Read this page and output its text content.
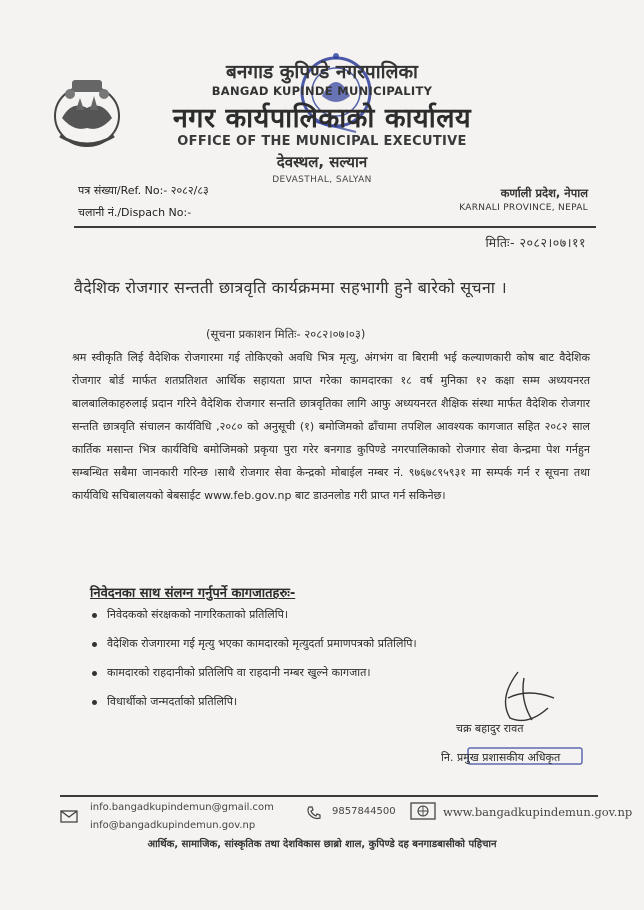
बनगाड कुपिण्डे नगरपालिका
BANGAD KUPINDE MUNICIPALITY
नगर कार्यपालिकाको कार्यालय
OFFICE OF THE MUNICIPAL EXECUTIVE
देवस्थल, सल्यान
DEVASTHAL, SALYAN
पत्र संख्या/Ref. No:- २०८२/८३
चलानी नं./Dispach No:-
कर्णाली प्रदेश, नेपाल
KARNALI PROVINCE, NEPAL
मितिः- २०८२।०७।११
वैदेशिक रोजगार सन्तती छात्रवृति कार्यक्रममा सहभागी हुने बारेको सूचना ।
(सूचना प्रकाशन मितिः- २०८२।०७।०३)
श्रम स्वीकृति लिई वैदेशिक रोजगारमा गई तोकिएको अवधि भित्र मृत्यु, अंगभंग वा बिरामी भई कल्याणकारी कोष बाट वैदेशिक रोजगार बोर्ड मार्फत शतप्रतिशत आर्थिक सहायता प्राप्त गरेका कामदारका १८ वर्ष मुनिका १२ कक्षा सम्म अध्ययनरत बालबालिकाहरुलाई प्रदान गरिने वैदेशिक रोजगार सन्तति छात्रवृतिका लागि आफु अध्ययनरत शैक्षिक संस्था मार्फत वैदेशिक रोजगार सन्तति छात्रवृति संचालन कार्यविधि ,२०८० को अनुसूची (१) बमोजिमको ढाँचामा तपशिल आवश्यक कागजात सहित २०८२ साल कार्तिक मसान्त भित्र कार्यविधि बमोजिमको प्रकृया पुरा गरेर बनगाड कुपिण्डे नगरपालिकाको रोजगार सेवा केन्द्रमा पेश गर्नहुन सम्बन्धित सबैमा जानकारी गरिन्छ ।साथै रोजगार सेवा केन्द्रको मोबाईल नम्बर नं. ९७६७८९५९३१ मा सम्पर्क गर्न र सूचना तथा कार्यविधि सचिबालयको बेबसाईट www.feb.gov.np बाट डाउनलोड गरी प्राप्त गर्न सकिनेछ।
निवेदनका साथ संलग्न गर्नुपर्ने कागजातहरुः-
निवेदकको संरक्षकको नागरिकताको प्रतिलिपि।
वैदेशिक रोजगारमा गई मृत्यु भएका कामदारको मृत्युदर्ता प्रमाणपत्रको प्रतिलिपि।
कामदारको राहदानीको प्रतिलिपि वा राहदानी नम्बर खुल्ने कागजात।
विधार्थीको जन्मदर्ताको प्रतिलिपि।
चक्र बहादुर रावत
नि. प्रमुख प्रशासकीय अधिकृत
info.bangadkupindemun@gmail.com
info@bangadkupindemun.gov.np
9857844500	www.bangadkupindemun.gov.np
आर्थिक, सामाजिक, सांस्कृतिक तथा देशविकास छाब्रो शाल, कुपिण्डे दह बनगाडबासीको पहिचान
